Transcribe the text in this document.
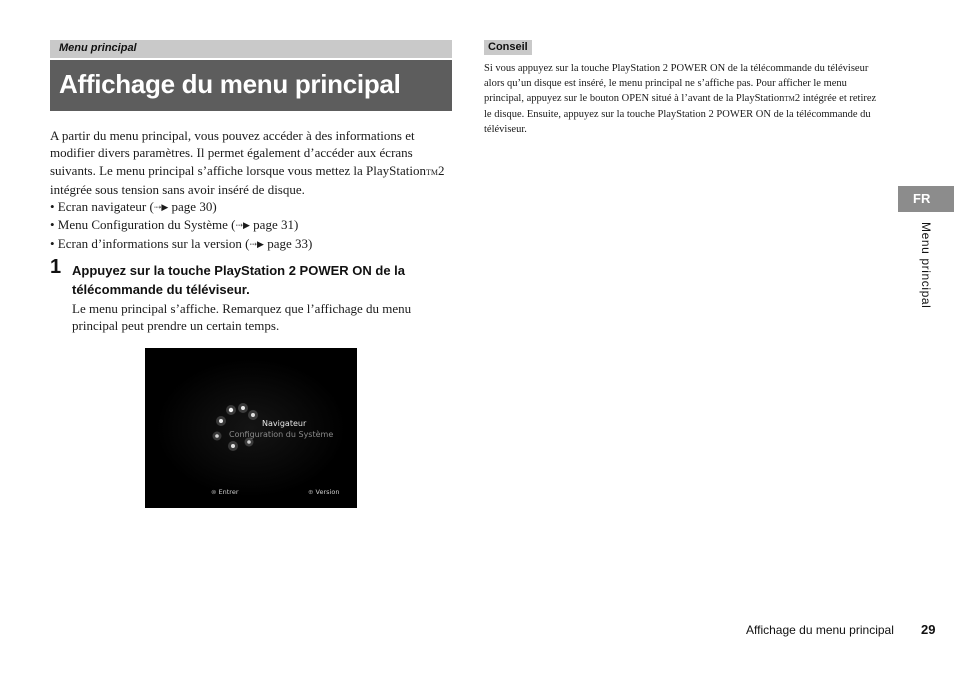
Menu principal
Affichage du menu principal

A partir du menu principal, vous pouvez accéder à des informations et modifier divers paramètres. Il permet également d’accéder aux écrans suivants. Le menu principal s’affiche lorsque vous mettez la PlayStationTM2 intégrée sous tension sans avoir inséré de disque.

• Ecran navigateur (⇢▶ page 30)
• Menu Configuration du Système (⇢▶ page 31)
• Ecran d’informations sur la version (⇢▶ page 33)
1 Appuyez sur la touche PlayStation 2 POWER ON de la télécommande du téléviseur.
Le menu principal s’affiche. Remarquez que l’affichage du menu principal peut prendre un certain temps.
Navigateur
Configuration du Système
⊗ Entrer	⊕ Version
Conseil

Si vous appuyez sur la touche PlayStation 2 POWER ON de la télécommande du téléviseur alors qu’un disque est inséré, le menu principal ne s’affiche pas. Pour afficher le menu principal, appuyez sur le bouton OPEN situé à l’avant de la PlayStationTM2 intégrée et retirez le disque. Ensuite, appuyez sur la touche PlayStation 2 POWER ON de la télécommande du téléviseur.

FR
Menu principal
Affichage du menu principal 29
